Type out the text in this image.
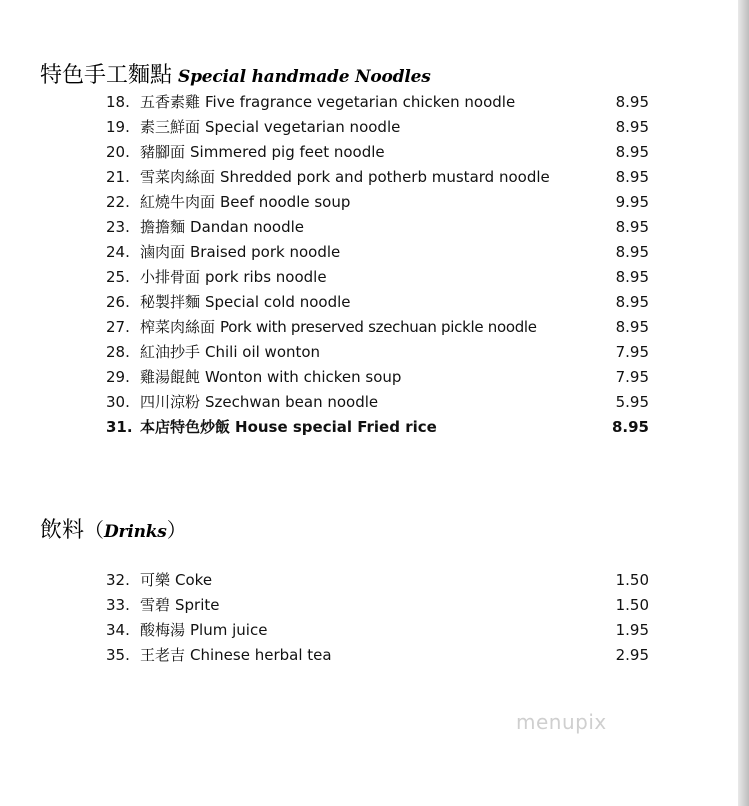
特色手工麵點 Special handmade Noodles
18. 五香素雞 Five fragrance vegetarian chicken noodle	8.95
19. 素三鮮面 Special vegetarian noodle	8.95
20. 豬腳面 Simmered pig feet noodle	8.95
21. 雪菜肉絲面 Shredded pork and potherb mustard noodle	8.95
22. 紅燒牛肉面 Beef noodle soup	9.95
23. 擔擔麵 Dandan noodle	8.95
24. 滷肉面 Braised pork noodle	8.95
25. 小排骨面 pork ribs noodle	8.95
26. 秘製拌麵 Special cold noodle	8.95
27. 榨菜肉絲面 Pork with preserved szechuan pickle noodle	8.95
28. 紅油抄手 Chili oil wonton	7.95
29. 雞湯餛飩 Wonton with chicken soup	7.95
30. 四川涼粉 Szechwan bean noodle	5.95
31. 本店特色炒飯 House special Fried rice	8.95
飲料 （ Drinks ）
32. 可樂 Coke	1.50
33. 雪碧 Sprite	1.50
34. 酸梅湯 Plum juice	1.95
35. 王老吉 Chinese herbal tea	2.95
menupix
